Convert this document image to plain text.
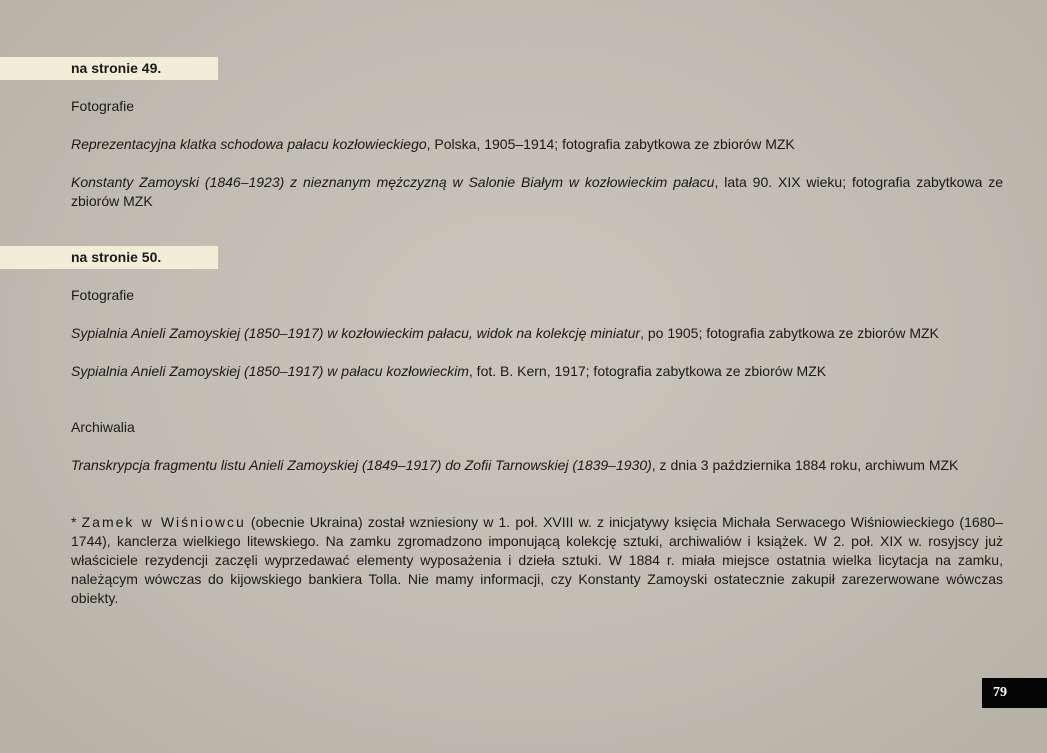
na stronie 49.
Fotografie
Reprezentacyjna klatka schodowa pałacu kozłowieckiego, Polska, 1905–1914; fotografia zabytkowa ze zbiorów MZK
Konstanty Zamoyski (1846–1923) z nieznanym mężczyzną w Salonie Białym w kozłowieckim pałacu, lata 90. XIX wieku; fotografia zabytkowa ze zbiorów MZK
na stronie 50.
Fotografie
Sypialnia Anieli Zamoyskiej (1850–1917) w kozłowieckim pałacu, widok na kolekcję miniatur, po 1905; fotografia zabytkowa ze zbiorów MZK
Sypialnia Anieli Zamoyskiej (1850–1917) w pałacu kozłowieckim, fot. B. Kern, 1917; fotografia zabytkowa ze zbiorów MZK
Archiwalia
Transkrypcja fragmentu listu Anieli Zamoyskiej (1849–1917) do Zofii Tarnowskiej (1839–1930), z dnia 3 października 1884 roku, archiwum MZK
* Zamek w Wiśniowcu (obecnie Ukraina) został wzniesiony w 1. poł. XVIII w. z inicjatywy księcia Michała Serwacego Wiśniowieckiego (1680–1744), kanclerza wielkiego litewskiego. Na zamku zgromadzono imponującą kolekcję sztuki, archiwaliów i książek. W 2. poł. XIX w. rosyjscy już właściciele rezydencji zaczęli wyprzedawać elementy wyposażenia i dzieła sztuki. W 1884 r. miała miejsce ostatnia wielka licytacja na zamku, należącym wówczas do kijowskiego bankiera Tolla. Nie mamy informacji, czy Konstanty Zamoyski ostatecznie zakupił zarezerwowane wówczas obiekty.
79
